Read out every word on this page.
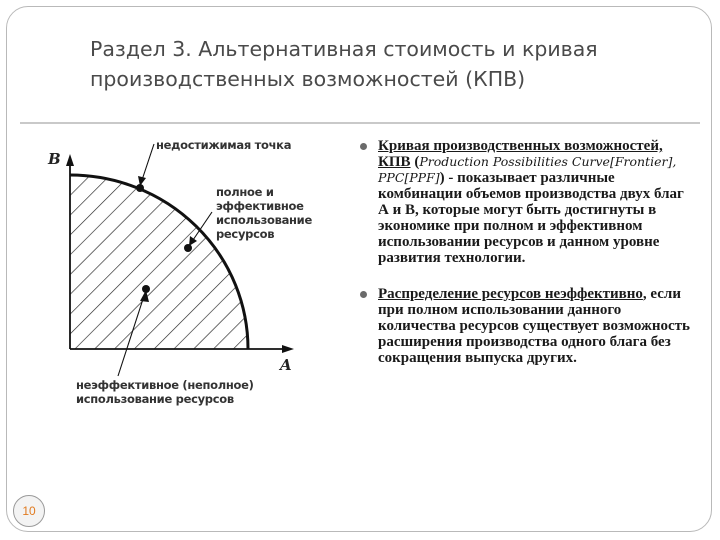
Раздел 3. Альтернативная стоимость и кривая
производственных возможностей (КПВ)
B
A
недостижимая точка
полное и
эффективное
использование
ресурсов
неэффективное (неполное)
использование ресурсов
Кривая производственных возможностей, КПВ (Production Possibilities Curve[Frontier], PPC[PPF]) - показывает различные комбинации объемов производства двух благ А и В, которые могут быть достигнуты в экономике при полном и эффективном использовании ресурсов и данном уровне развития технологии.
Распределение ресурсов неэффективно, если при полном использовании данного количества ресурсов существует возможность расширения производства одного блага без сокращения выпуска других.
10
